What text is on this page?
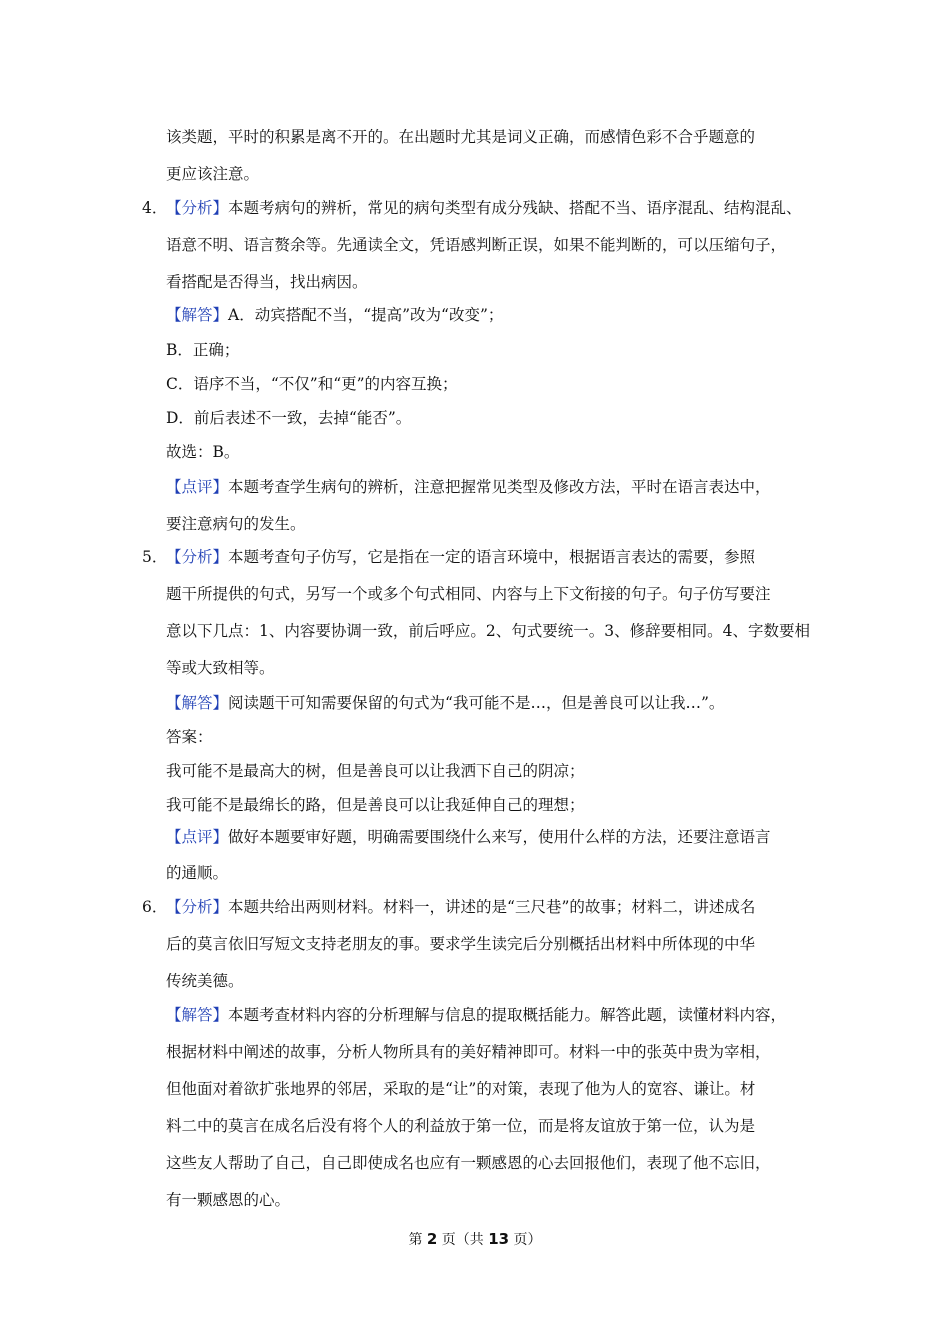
该类题，平时的积累是离不开的。在出题时尤其是词义正确，而感情色彩不合乎题意的
更应该注意。
4．
【分析】本题考病句的辨析，常见的病句类型有成分残缺、搭配不当、语序混乱、结构混乱、
语意不明、语言赘余等。先通读全文，凭语感判断正误，如果不能判断的，可以压缩句子，
看搭配是否得当，找出病因。
【解答】A．动宾搭配不当，“提高”改为“改变”；
B．正确；
C．语序不当，“不仅”和“更”的内容互换；
D．前后表述不一致，去掉“能否”。
故选：B。
【点评】本题考查学生病句的辨析，注意把握常见类型及修改方法，平时在语言表达中，
要注意病句的发生。
5．
【分析】本题考查句子仿写，它是指在一定的语言环境中，根据语言表达的需要，参照
题干所提供的句式，另写一个或多个句式相同、内容与上下文衔接的句子。句子仿写要注
意以下几点：1、内容要协调一致，前后呼应。2、句式要统一。3、修辞要相同。4、字数要相
等或大致相等。
【解答】阅读题干可知需要保留的句式为“我可能不是…，但是善良可以让我…”。
答案：
我可能不是最高大的树，但是善良可以让我洒下自己的阴凉；
我可能不是最绵长的路，但是善良可以让我延伸自己的理想；
【点评】做好本题要审好题，明确需要围绕什么来写，使用什么样的方法，还要注意语言
的通顺。
6．
【分析】本题共给出两则材料。材料一，讲述的是“三尺巷”的故事；材料二，讲述成名
后的莫言依旧写短文支持老朋友的事。要求学生读完后分别概括出材料中所体现的中华
传统美德。
【解答】本题考查材料内容的分析理解与信息的提取概括能力。解答此题，读懂材料内容，
根据材料中阐述的故事，分析人物所具有的美好精神即可。材料一中的张英中贵为宰相，
但他面对着欲扩张地界的邻居，采取的是“让”的对策，表现了他为人的宽容、谦让。材
料二中的莫言在成名后没有将个人的利益放于第一位，而是将友谊放于第一位，认为是
这些友人帮助了自己，自己即使成名也应有一颗感恩的心去回报他们，表现了他不忘旧，
有一颗感恩的心。
第 2 页（共 13 页）
